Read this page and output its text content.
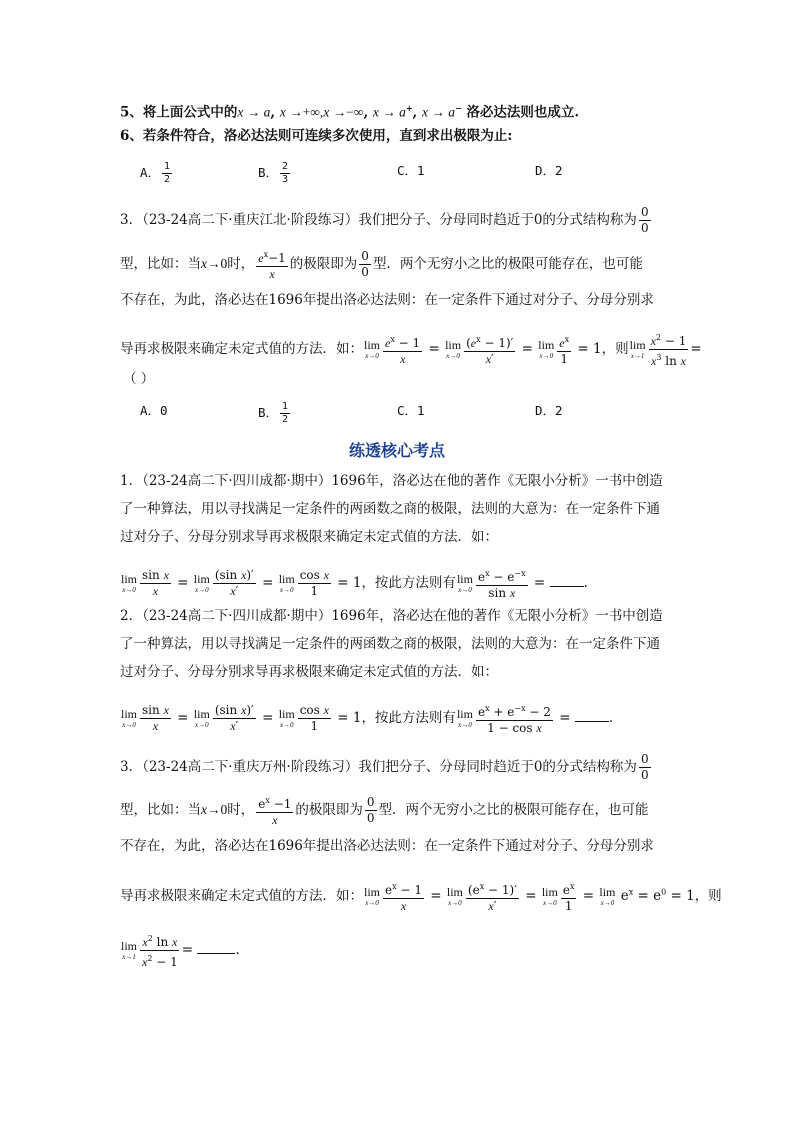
5、将上面公式中的x → a, x →+∞,x →−∞, x → a+, x → a− 洛必达法则也成立.
6、若条件符合，洛必达法则可连续多次使用，直到求出极限为止:
A． $\frac{1}{2}$	B． $\frac{2}{3}$	C．1	D．2
3．（23-24高二下·重庆江北·阶段练习）我们把分子、分母同时趋近于0的分式结构称为 $\frac{0}{0}$
型，比如：当x→0时， $\frac{e^x-1}{x}$ 的极限即为 $\frac{0}{0}$ 型．两个无穷小之比的极限可能存在，也可能
不存在，为此，洛必达在1696年提出洛必达法则：在一定条件下通过对分子、分母分别求
导再求极限来确定未定式值的方法．如： lim
$x\to 0 \frac{e^x - 1}{x} = \lim$
$x\to 0 \frac{(e^x - 1)'}{x'} = \lim$
$x\to 0 \frac{e^x}{1} = 1$，则 lim
$x\to 1 \frac{x^2 - 1}{x^3 \ln x}$ =
（ ）
A．0	B． $\frac{1}{2}$	C．1	D．2
练透核心考点
1．（23-24高二下·四川成都·期中）1696年，洛必达在他的著作《无限小分析》一书中创造
了一种算法，用以寻找满足一定条件的两函数之商的极限，法则的大意为：在一定条件下通
过对分子、分母分别求导再求极限来确定未定式值的方法．如：
lim
$x\to 0 \frac{\text{sin x}}{x} = \lim$
$x\to 0 \frac{\text{(sin x)′}}{x'} = \lim$
$x\to 0 \frac{\text{cos x}}{1} = 1$，按此方法则有 lim
$x\to 0 \frac{e^x - e^{-x}}{\text{sin x}}$ =	.
2．（23-24高二下·四川成都·期中）1696年，洛必达在他的著作《无限小分析》一书中创造
了一种算法，用以寻找满足一定条件的两函数之商的极限，法则的大意为：在一定条件下通
过对分子、分母分别求导再求极限来确定未定式值的方法．如：
lim
$x\to 0 \frac{\text{sin x}}{x} = \lim$
$x\to 0 \frac{\text{(sin x)′}}{x'} = \lim$
$x\to 0 \frac{\text{cos x}}{1} = 1$，按此方法则有 lim
$x\to 0 \frac{e^x + e^{-x} - 2}{\text{1 − cos x}}$ =	.
3．（23-24高二下·重庆万州·阶段练习）我们把分子、分母同时趋近于0的分式结构称为 $\frac{0}{0}$
型，比如：当x→0时， $\frac{e^x -1}{x}$ 的极限即为 $\frac{0}{0}$ 型．两个无穷小之比的极限可能存在，也可能
不存在，为此，洛必达在1696年提出洛必达法则：在一定条件下通过对分子、分母分别求
导再求极限来确定未定式值的方法．如： lim
$x\to 0 \frac{e^x - 1}{x} = \lim$
$x\to 0 \frac{(e^x - 1)'}{x'} = \lim$
$x\to 0 \frac{e^x}{1} = \lim$
x→0 $e^x = e^0 = 1$，则
lim
$x\to 1 \frac{x^2 \ln x}{x^2 - 1}$ =	.
